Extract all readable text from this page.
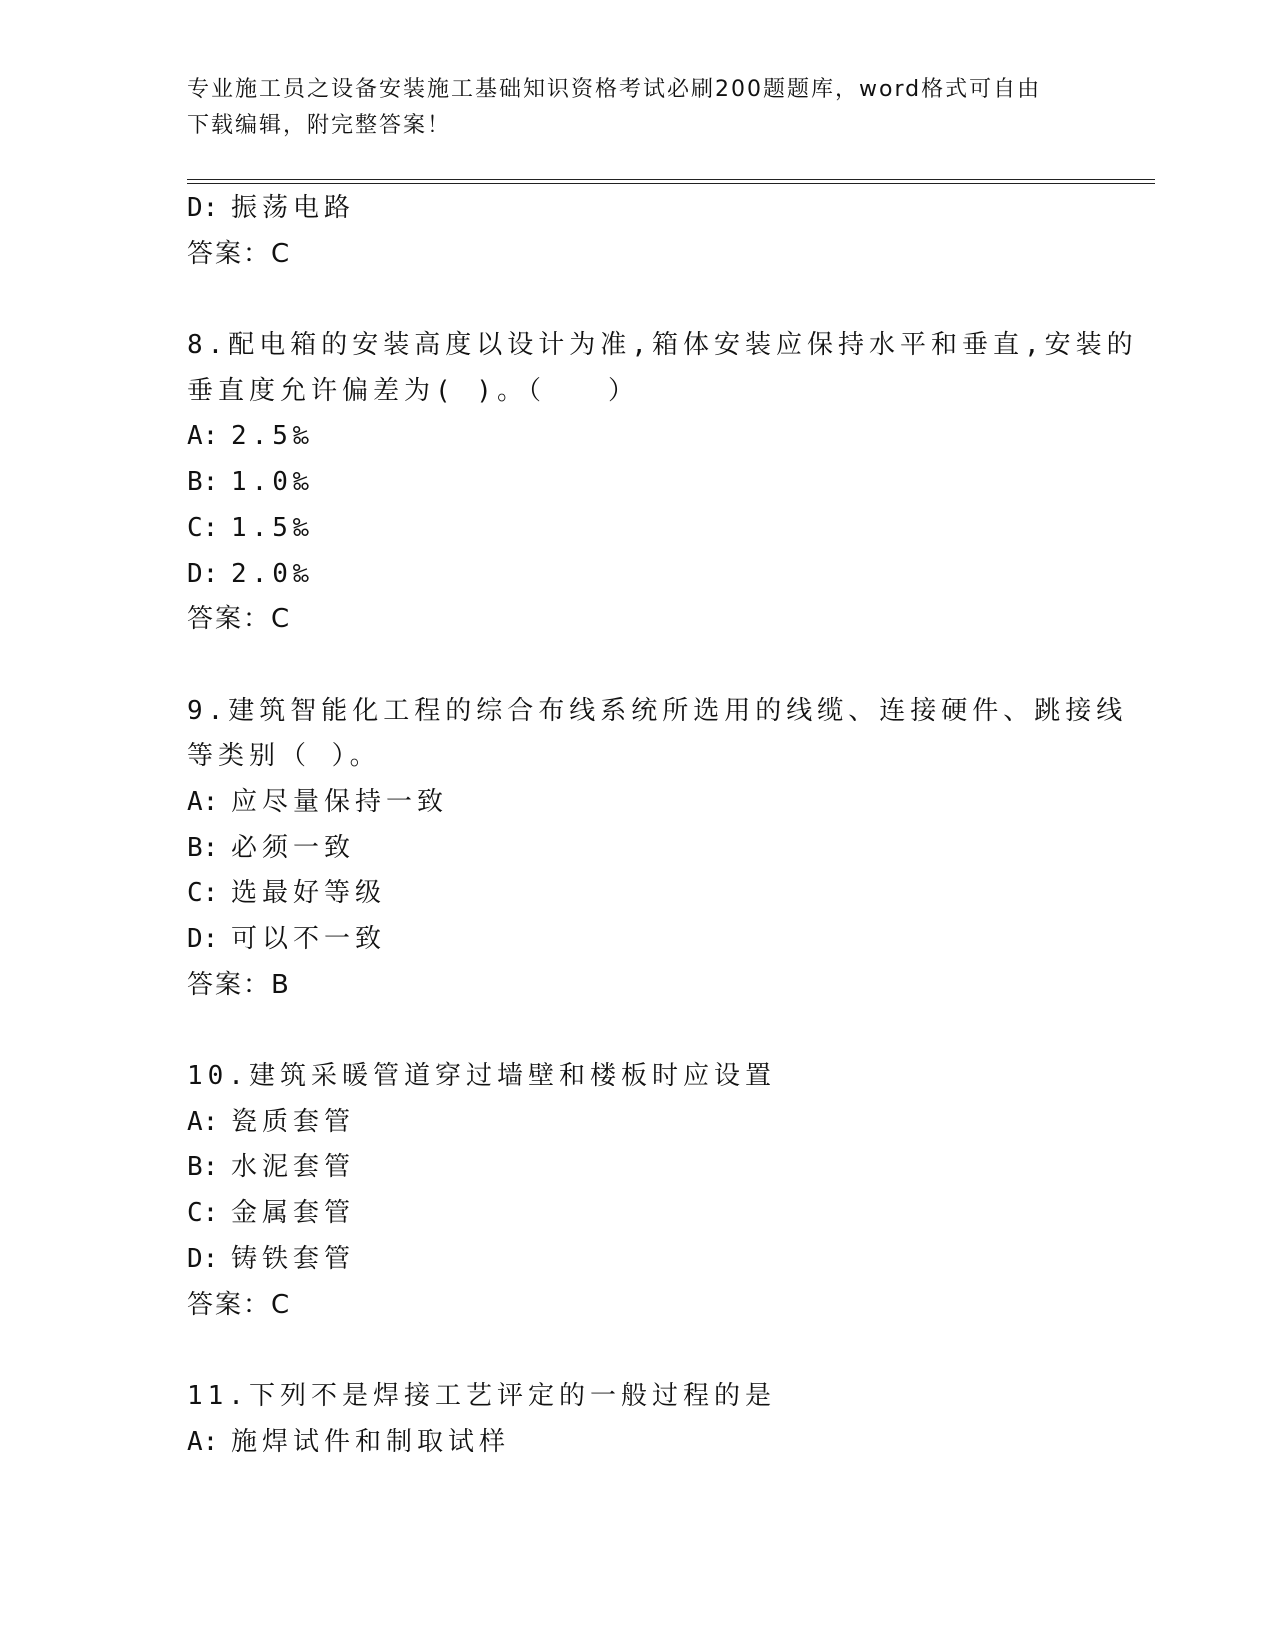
专业施工员之设备安装施工基础知识资格考试必刷200题题库，word格式可自由
下载编辑，附完整答案！
D: 振荡电路
答案：C
8.配电箱的安装高度以设计为准,箱体安装应保持水平和垂直,安装的
垂直度允许偏差为( )。（　　）
A: 2.5‰
B: 1.0‰
C: 1.5‰
D: 2.0‰
答案：C
9.建筑智能化工程的综合布线系统所选用的线缆、连接硬件、跳接线
等类别（ ）。
A: 应尽量保持一致
B: 必须一致
C: 选最好等级
D: 可以不一致
答案：B
10.建筑采暖管道穿过墙壁和楼板时应设置
A: 瓷质套管
B: 水泥套管
C: 金属套管
D: 铸铁套管
答案：C
11.下列不是焊接工艺评定的一般过程的是
A: 施焊试件和制取试样
